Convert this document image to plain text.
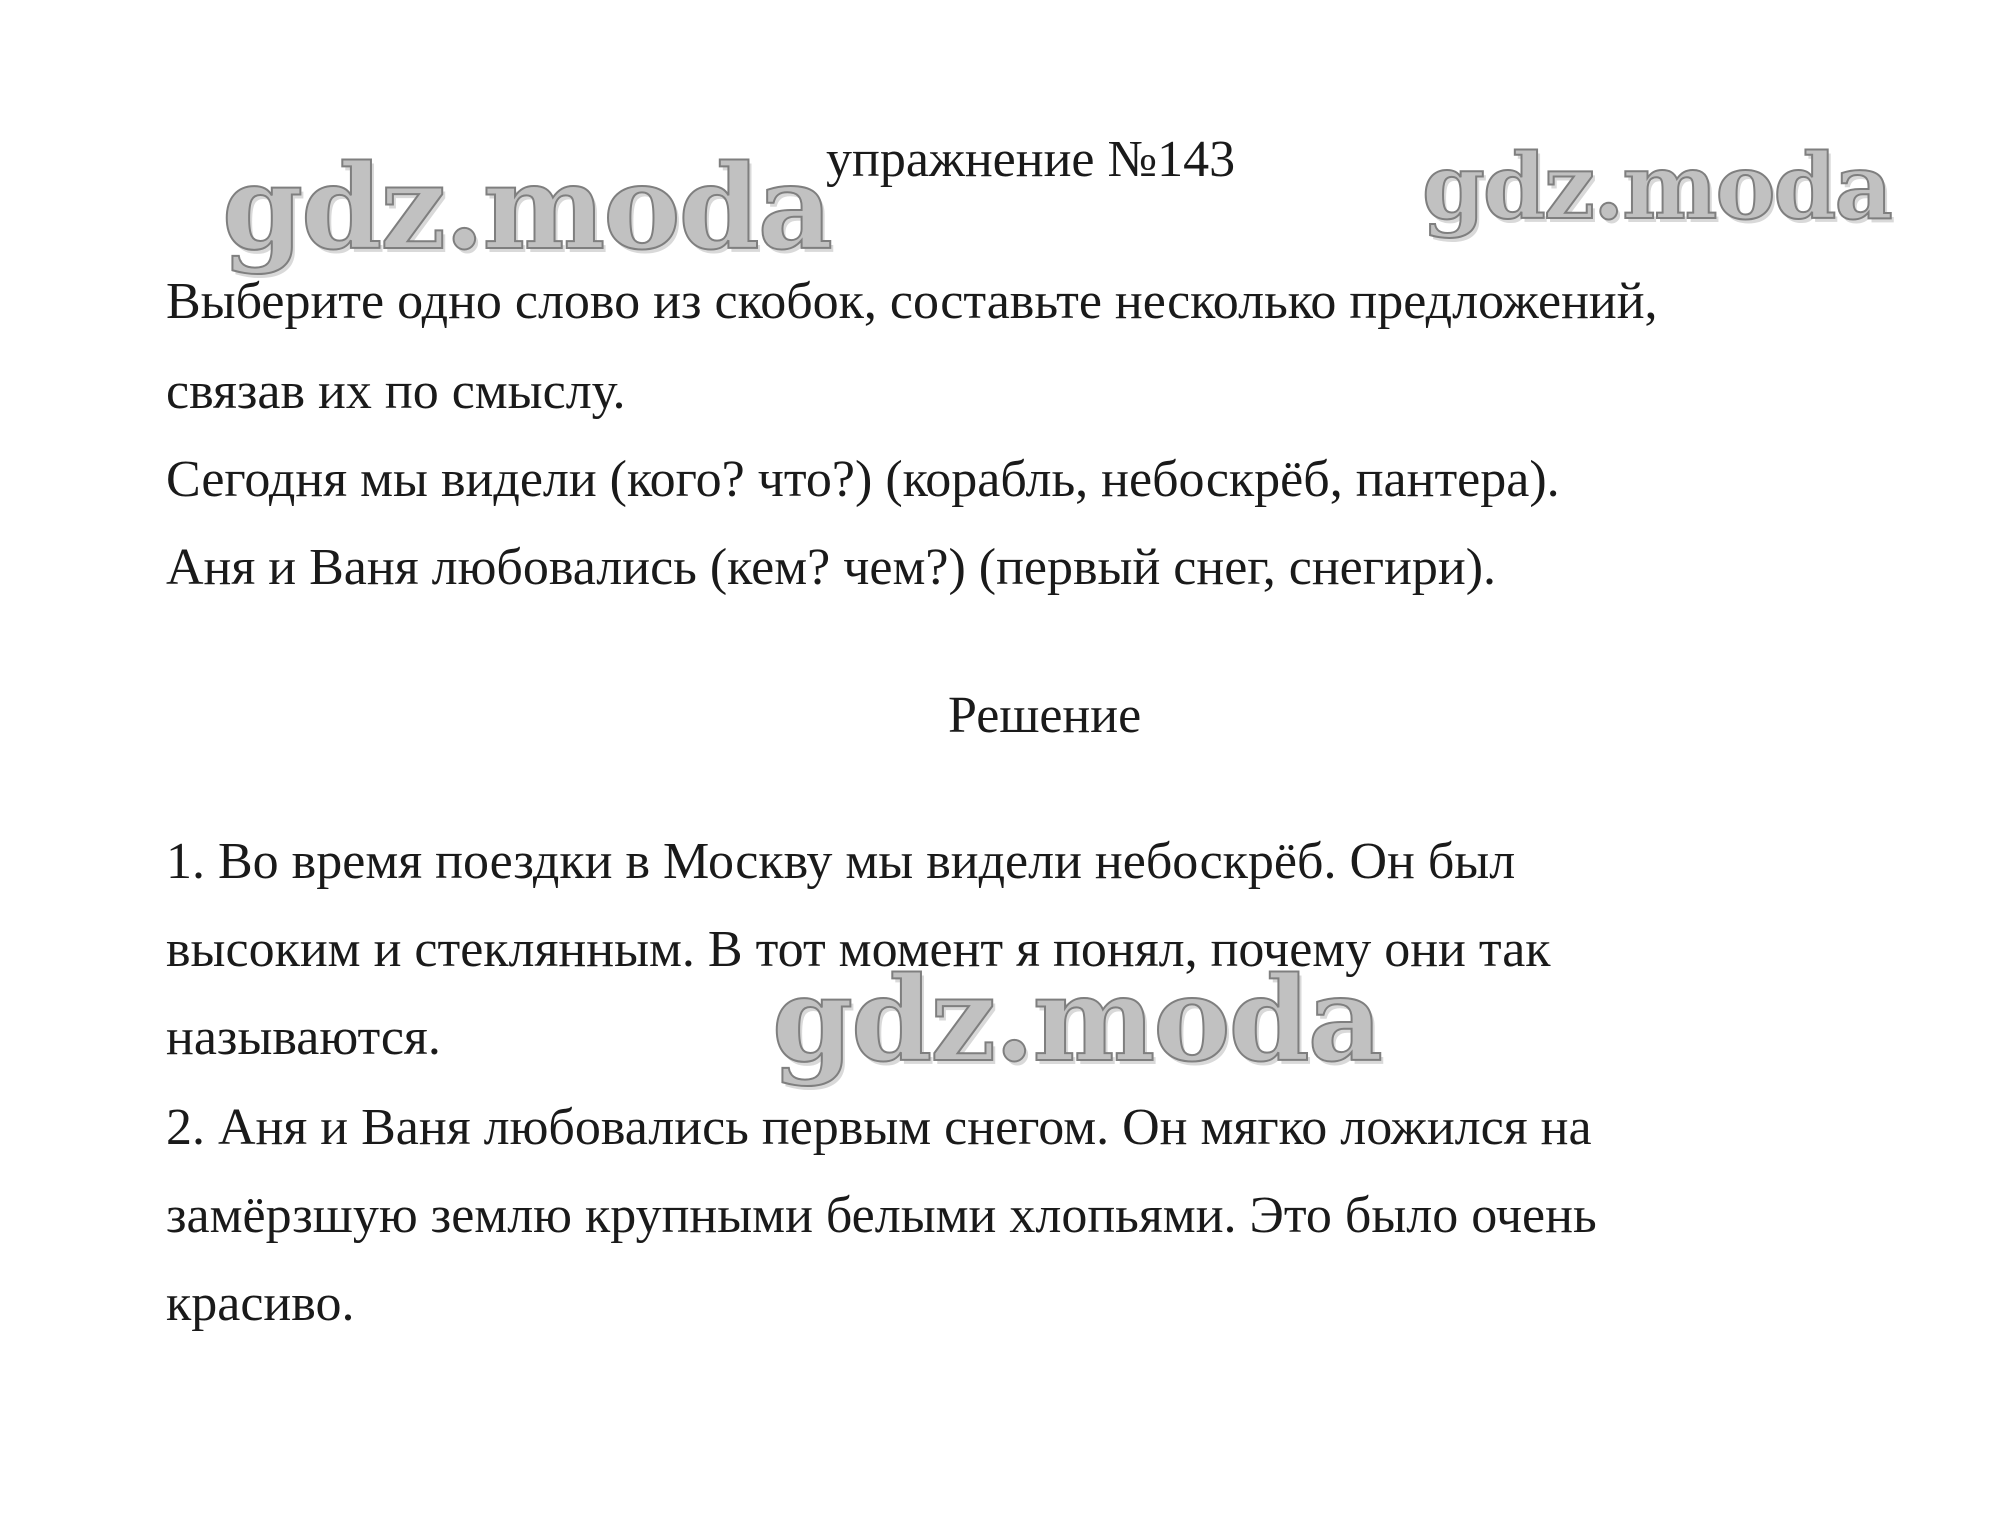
упражнение №143
Выберите одно слово из скобок, составьте несколько предложений,
связав их по смыслу.
Сегодня мы видели (кого? что?) (корабль, небоскрёб, пантера).
Аня и Ваня любовались (кем? чем?) (первый снег, снегири).
Решение
1. Во время поездки в Москву мы видели небоскрёб. Он был
высоким и стеклянным. В тот момент я понял, почему они так
называются.
2. Аня и Ваня любовались первым снегом. Он мягко ложился на
замёрзшую землю крупными белыми хлопьями. Это было очень
красиво.
gdz.moda	gdz.moda
gdz.moda
